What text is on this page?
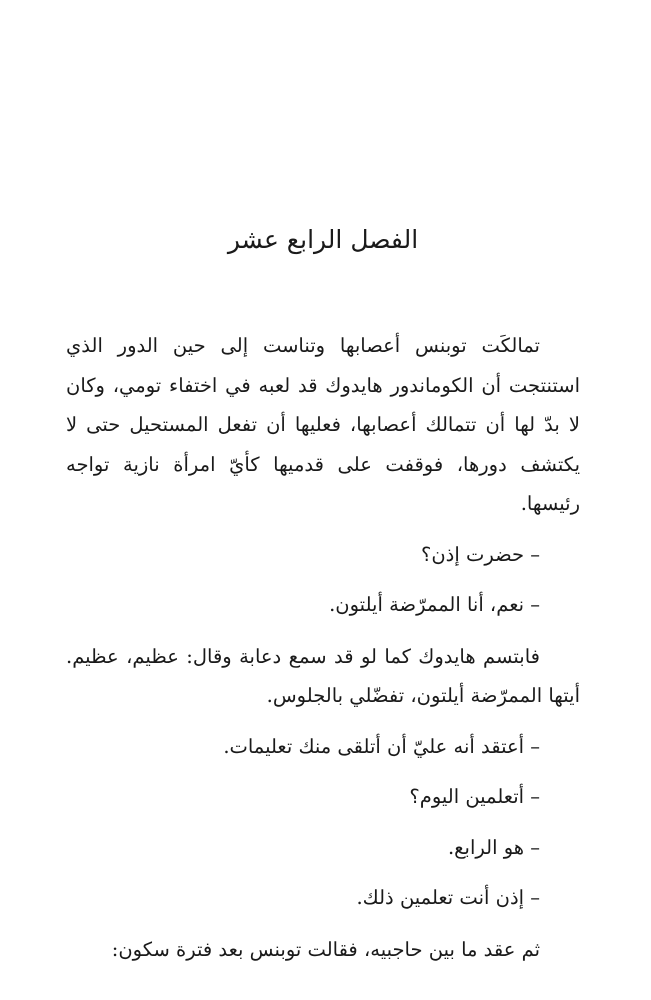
الفصل الرابع عشر

تمالكَت توبنس أعصابها وتناست إلى حين الدور الذي استنتجت أن الكوماندور هايدوك قد لعبه في اختفاء تومي، وكان لا بدّ لها أن تتمالك أعصابها، فعليها أن تفعل المستحيل حتى لا يكتشف دورها، فوقفت على قدميها كأيّ امرأة نازية تواجه رئيسها.

– حضرت إذن؟

– نعم، أنا الممرّضة أيلتون.

فابتسم هايدوك كما لو قد سمع دعابة وقال: عظيم، عظيم. أيتها الممرّضة أيلتون، تفضّلي بالجلوس.

– أعتقد أنه عليّ أن أتلقى منك تعليمات.

– أتعلمين اليوم؟

– هو الرابع.

– إذن أنت تعلمين ذلك.

ثم عقد ما بين حاجبيه، فقالت توبنس بعد فترة سكون:
